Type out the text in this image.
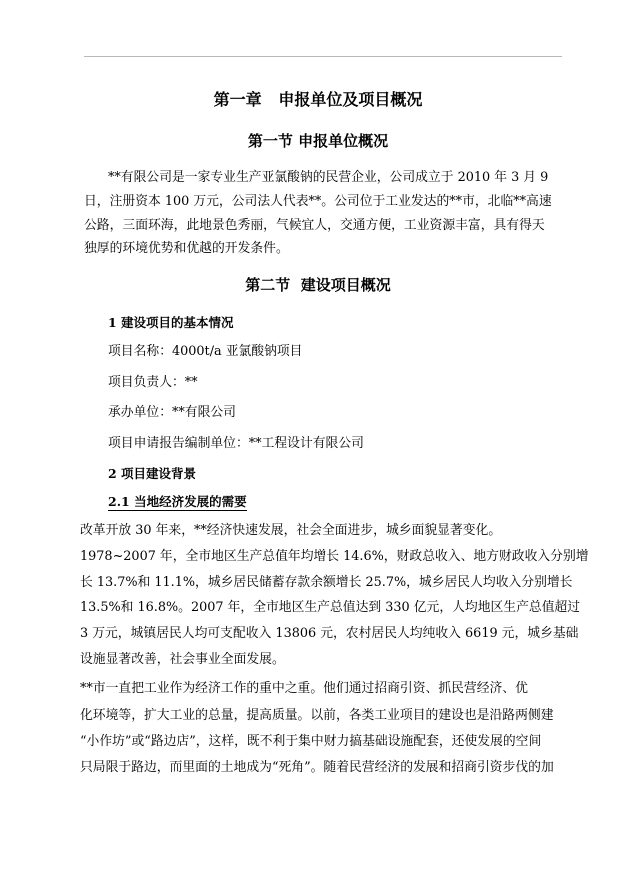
第一章   申报单位及项目概况
第一节 申报单位概况
**有限公司是一家专业生产亚氯酸钠的民营企业，公司成立于 2010 年 3 月 9 日，注册资本 100 万元，公司法人代表**。公司位于工业发达的**市，北临**高速公路，三面环海，此地景色秀丽，气候宜人，交通方便，工业资源丰富，具有得天独厚的环境优势和优越的开发条件。
第二节  建设项目概况
1 建设项目的基本情况
项目名称：4000t/a 亚氯酸钠项目
项目负责人：**
承办单位：**有限公司
项目申请报告编制单位：**工程设计有限公司
2 项目建设背景
2.1 当地经济发展的需要
改革开放 30 年来，**经济快速发展，社会全面进步，城乡面貌显著变化。
1978~2007 年，全市地区生产总值年均增长 14.6%，财政总收入、地方财政收入分别增
长 13.7%和 11.1%，城乡居民储蓄存款余额增长 25.7%，城乡居民人均收入分别增长
13.5%和 16.8%。2007 年，全市地区生产总值达到 330 亿元，人均地区生产总值超过
3 万元，城镇居民人均可支配收入 13806 元，农村居民人均纯收入 6619 元，城乡基础
设施显著改善，社会事业全面发展。
**市一直把工业作为经济工作的重中之重。他们通过招商引资、抓民营经济、优
化环境等，扩大工业的总量，提高质量。以前，各类工业项目的建设也是沿路两侧建
“小作坊”或“路边店”，这样，既不利于集中财力搞基础设施配套，还使发展的空间
只局限于路边，而里面的土地成为“死角”。随着民营经济的发展和招商引资步伐的加
